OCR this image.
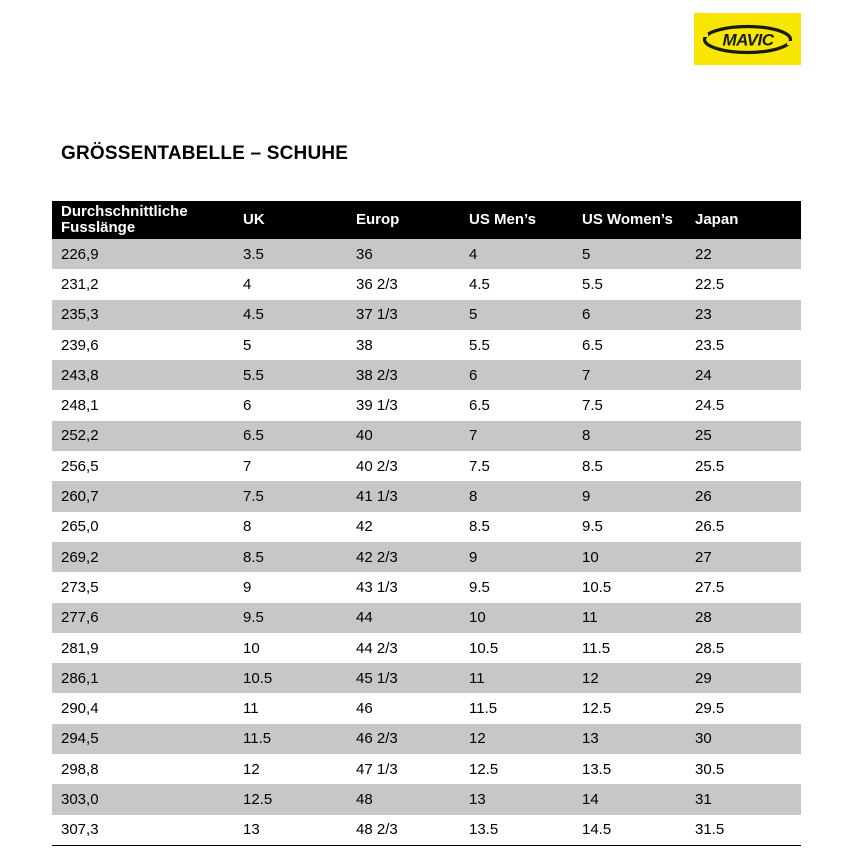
MAVIC
GRÖSSENTABELLE – SCHUHE
Durchschnittliche
Fusslänge	UK	Europ	US Men’s	US Women’s	Japan
226,9	3.5	36	4	5	22
231,2	4	36 2/3	4.5	5.5	22.5
235,3	4.5	37 1/3	5	6	23
239,6	5	38	5.5	6.5	23.5
243,8	5.5	38 2/3	6	7	24
248,1	6	39 1/3	6.5	7.5	24.5
252,2	6.5	40	7	8	25
256,5	7	40 2/3	7.5	8.5	25.5
260,7	7.5	41 1/3	8	9	26
265,0	8	42	8.5	9.5	26.5
269,2	8.5	42 2/3	9	10	27
273,5	9	43 1/3	9.5	10.5	27.5
277,6	9.5	44	10	11	28
281,9	10	44 2/3	10.5	11.5	28.5
286,1	10.5	45 1/3	11	12	29
290,4	11	46	11.5	12.5	29.5
294,5	11.5	46 2/3	12	13	30
298,8	12	47 1/3	12.5	13.5	30.5
303,0	12.5	48	13	14	31
307,3	13	48 2/3	13.5	14.5	31.5
